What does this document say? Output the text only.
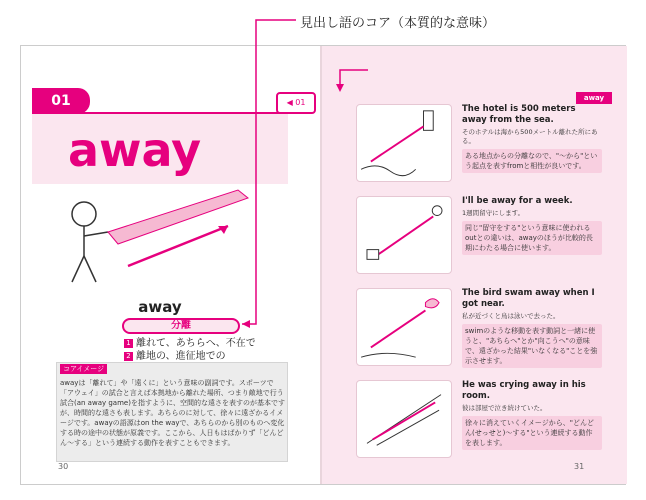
見出し語のコア（本質的な意味）
01
away
◀ 01
away
分離
1 離れて、あちらへ、不在で
2 離地の、進征地での
コアイメージ
awayは「離れて」や「遠くに」という意味の副詞です。スポーツで「アウェイ」の試合と言えば本拠地から離れた場所、つまり敵地で行う試合(an away game)を指すように、空間的な遠さを表すのが基本ですが、時間的な遠さも表します。あちらのに対して、徐々に遠ざかるイメージです。awayの語源はon the wayで、あちらのから別のものへ変化する時の途中の状態が原義です。ここから、人日もはばかりず「どんどん〜する」という連続する動作を表すこともできます。
30
away
The hotel is 500 meters away from the sea.
そのホテルは海から500メートル離れた所にある。
ある地点からの分離なので、"〜から"という起点を表すfromと相性が良いです。
I'll be away for a week.
1週間留守にします。
同じ"留守をする"という意味に使われるoutとの違いは、awayのほうが比較的長期にわたる場合に使います。
The bird swam away when I got near.
私が近づくと鳥は泳いで去った。
swimのような移動を表す動詞と一緒に使うと、"あちらへ"とか"向こうへ"の意味で、遠ざかった結果"いなくなる"ことを強示させます。
He was crying away in his room.
彼は部屋で泣き続けていた。
徐々に消えていくイメージから、"どんどん(せっせと)〜する"という連続する動作を表します。
31
